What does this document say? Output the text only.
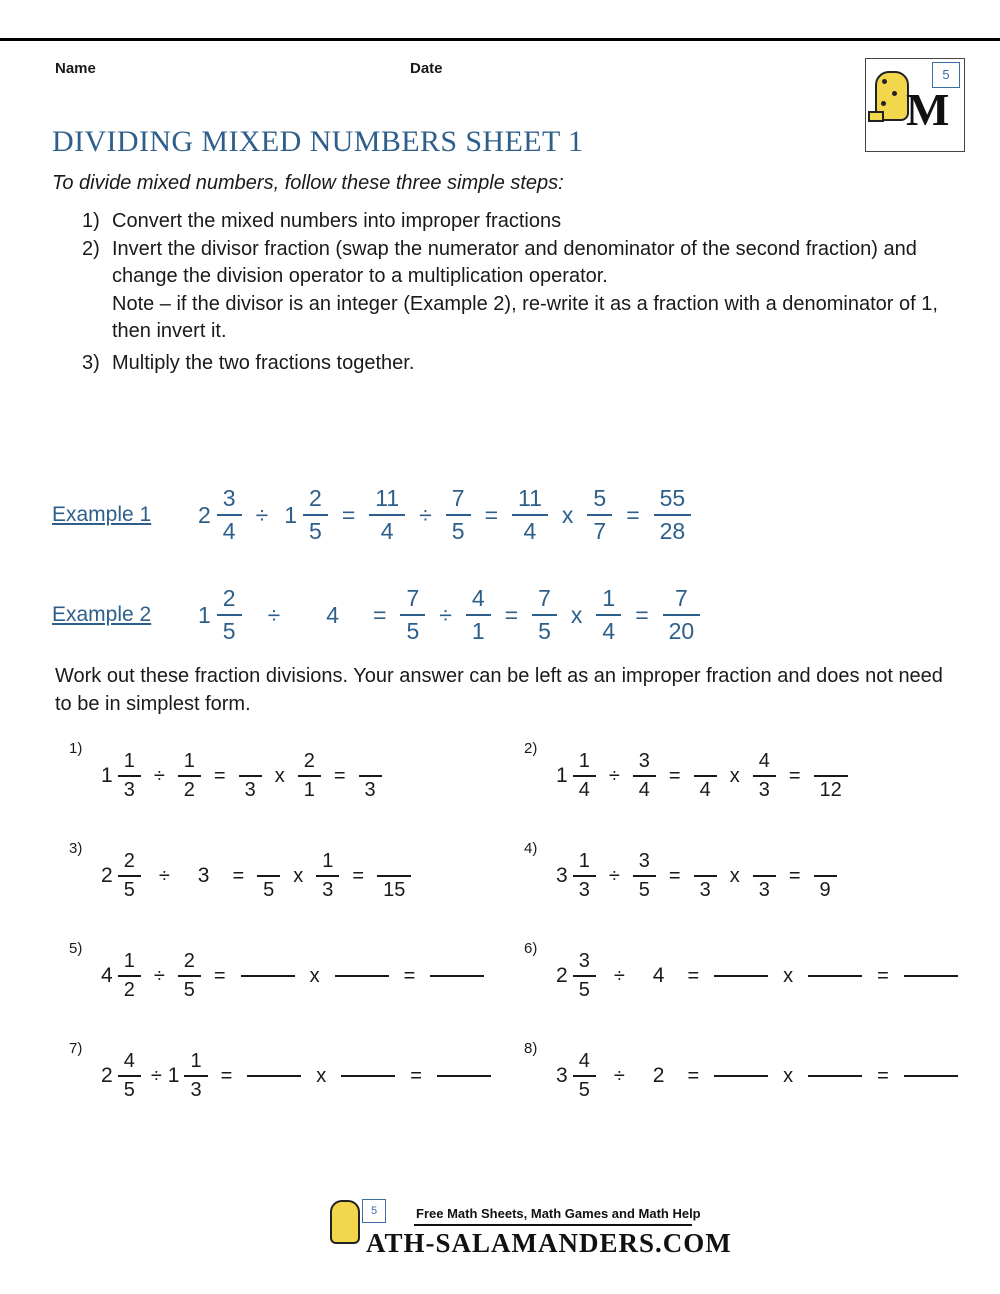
Name	Date
DIVIDING MIXED NUMBERS SHEET 1
5
M
To divide mixed numbers, follow these three simple steps:
1) Convert the mixed numbers into improper fractions
2) Invert the divisor fraction (swap the numerator and denominator of the second fraction) and change the division operator to a multiplication operator.
Note – if the divisor is an integer (Example 2), re-write it as a fraction with a denominator of 1, then invert it.
3) Multiply the two fractions together.
Example 1	$2 \frac{3}{4} \div 1 \frac{2}{5} = \frac{11}{4} \div \frac{7}{5} = \frac{11}{4}$ x $\frac{5}{7} = \frac{55}{28}$
Example 2	$1 \frac{2}{5} \div 4 = \frac{7}{5} \div \frac{4}{1} = \frac{7}{5}$ x $\frac{1}{4} = \frac{7}{20}$
Work out these fraction divisions. Your answer can be left as an improper fraction and does not need to be in simplest form.
1)
$1 \frac{1}{3} \div \frac{1}{2}$ =
3
x $\frac{2}{1}$ =
3
2)
$1 \frac{1}{4} \div \frac{3}{4}$ =
4
x $\frac{4}{3}$ =
12
3)
$2 \frac{2}{5} \div 3$ =
5
x $\frac{1}{3}$ =
15
4)
$3 \frac{1}{3} \div \frac{3}{5}$ =
3
x
3
=
9
5)
$4 \frac{1}{2} \div \frac{2}{5}$ =	x	=
6)
$2 \frac{3}{5} \div 4$ =	x	=
7)
$2 \frac{4}{5} \div 1 \frac{1}{3}$ =	x	=
8)
$3 \frac{4}{5} \div 2$ =	x	=
5	Free Math Sheets, Math Games and Math Help
ATH-SALAMANDERS.COM
